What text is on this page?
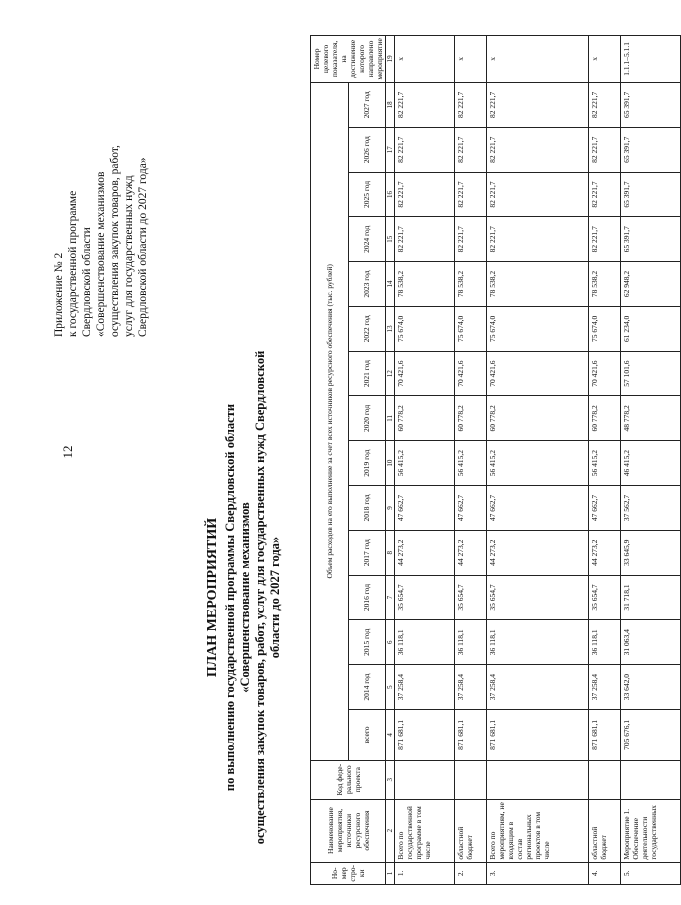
12
Приложение № 2 к государственной программе Свердловской области «Совершенствование механизмов осуществления закупок товаров, работ, услуг для государственных нужд Свердловской области до 2027 года»
ПЛАН МЕРОПРИЯТИЙ по выполнению государственной программы Свердловской области «Совершенствование механизмов осуществления закупок товаров, работ, услуг для государственных нужд Свердловской области до 2027 года»
Но-мер стро-ки	Наименование мероприятия, источники ресурсного обеспечения	Код феде-рального проекта	Объем расходов на его выполнение за счет всех источников ресурсного обеспечения (тыс. рублей)															Номер целевого показателя, на достижение которого направлено мероприятие
			всего	2014 год	2015 год	2016 год	2017 год	2018 год	2019 год	2020 год	2021 год	2022 год	2023 год	2024 год	2025 год	2026 год	2027 год	
1	2	3	4	5	6	7	8	9	10	11	12	13	14	15	16	17	18	19
1.	Всего по государственной программе в том числе		871 681,1	37 258,4	36 118,1	35 654,7	44 273,2	47 662,7	56 415,2	60 778,2	70 421,6	75 674,0	78 538,2	82 221,7	82 221,7	82 221,7	82 221,7	х
2.	областной бюджет		871 681,1	37 258,4	36 118,1	35 654,7	44 273,2	47 662,7	56 415,2	60 778,2	70 421,6	75 674,0	78 538,2	82 221,7	82 221,7	82 221,7	82 221,7	х
3.	Всего по мероприятиям, не входящим в состав региональных проектов в том числе		871 681,1	37 258,4	36 118,1	35 654,7	44 273,2	47 662,7	56 415,2	60 778,2	70 421,6	75 674,0	78 538,2	82 221,7	82 221,7	82 221,7	82 221,7	х
4.	областной бюджет		871 681,1	37 258,4	36 118,1	35 654,7	44 273,2	47 662,7	56 415,2	60 778,2	70 421,6	75 674,0	78 538,2	82 221,7	82 221,7	82 221,7	82 221,7	х
5.	Мероприятие 1. Обеспечение деятельности государственных		705 676,1	33 642,0	31 063,4	31 718,1	33 645,9	37 562,7	46 415,2	48 778,2	57 101,6	61 234,0	62 948,2	65 391,7	65 391,7	65 391,7	65 391,7	1.1.1–5.1.1
